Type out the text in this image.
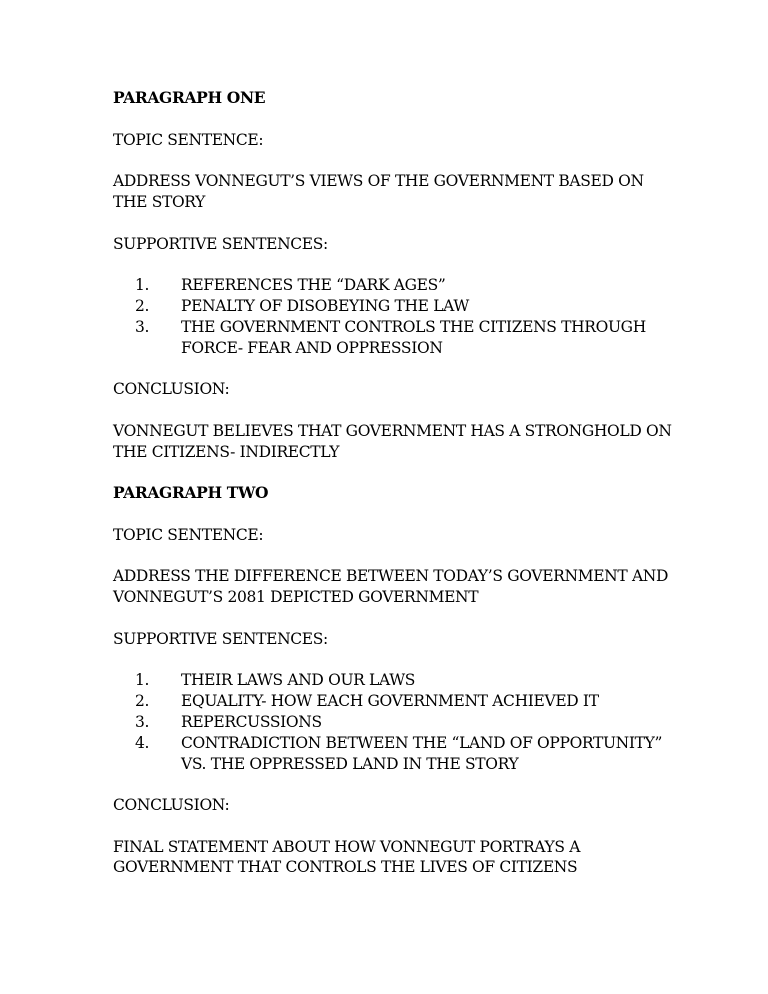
PARAGRAPH ONE

TOPIC SENTENCE:

ADDRESS VONNEGUT’S VIEWS OF THE GOVERNMENT BASED ON THE STORY

SUPPORTIVE SENTENCES:

1. REFERENCES THE “DARK AGES”
2. PENALTY OF DISOBEYING THE LAW
3. THE GOVERNMENT CONTROLS THE CITIZENS THROUGH FORCE- FEAR AND OPPRESSION

CONCLUSION:

VONNEGUT BELIEVES THAT GOVERNMENT HAS A STRONGHOLD ON THE CITIZENS- INDIRECTLY

PARAGRAPH TWO

TOPIC SENTENCE:

ADDRESS THE DIFFERENCE BETWEEN TODAY’S GOVERNMENT AND VONNEGUT’S 2081 DEPICTED GOVERNMENT

SUPPORTIVE SENTENCES:

1. THEIR LAWS AND OUR LAWS
2. EQUALITY- HOW EACH GOVERNMENT ACHIEVED IT
3. REPERCUSSIONS
4. CONTRADICTION BETWEEN THE “LAND OF OPPORTUNITY” VS. THE OPPRESSED LAND IN THE STORY

CONCLUSION:

FINAL STATEMENT ABOUT HOW VONNEGUT PORTRAYS A GOVERNMENT THAT CONTROLS THE LIVES OF CITIZENS
